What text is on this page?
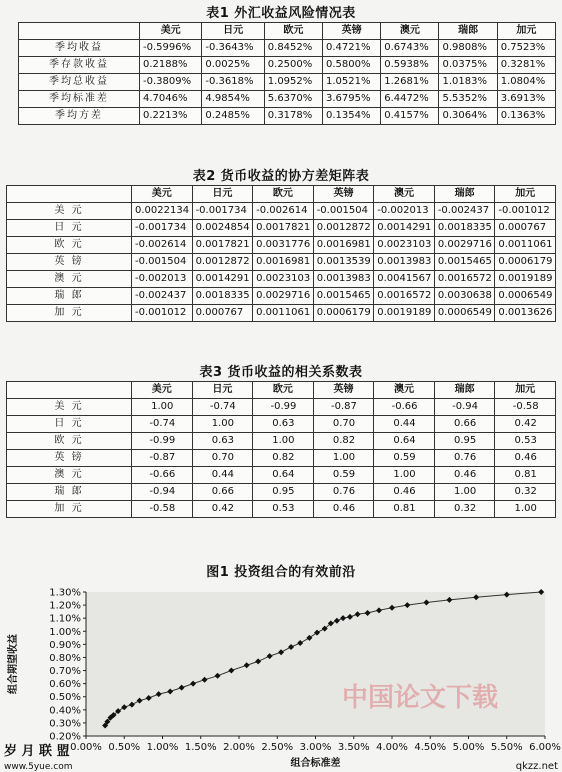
表1 外汇收益风险情况表
	美元	日元	欧元	英镑	澳元	瑞郎	加元
季均收益	-0.5996%	-0.3643%	0.8452%	0.4721%	0.6743%	0.9808%	0.7523%
季存款收益	0.2188%	0.0025%	0.2500%	0.5800%	0.5938%	0.0375%	0.3281%
季均总收益	-0.3809%	-0.3618%	1.0952%	1.0521%	1.2681%	1.0183%	1.0804%
季均标准差	4.7046%	4.9854%	5.6370%	3.6795%	6.4472%	5.5352%	3.6913%
季均方差	0.2213%	0.2485%	0.3178%	0.1354%	0.4157%	0.3064%	0.1363%
表2 货币收益的协方差矩阵表
	美元	日元	欧元	英镑	澳元	瑞郎	加元
美 元	0.0022134	-0.001734	-0.002614	-0.001504	-0.002013	-0.002437	-0.001012
日 元	-0.001734	0.0024854	0.0017821	0.0012872	0.0014291	0.0018335	0.000767
欧 元	-0.002614	0.0017821	0.0031776	0.0016981	0.0023103	0.0029716	0.0011061
英 镑	-0.001504	0.0012872	0.0016981	0.0013539	0.0013983	0.0015465	0.0006179
澳 元	-0.002013	0.0014291	0.0023103	0.0013983	0.0041567	0.0016572	0.0019189
瑞 郎	-0.002437	0.0018335	0.0029716	0.0015465	0.0016572	0.0030638	0.0006549
加 元	-0.001012	0.000767	0.0011061	0.0006179	0.0019189	0.0006549	0.0013626
表3 货币收益的相关系数表
	美元	日元	欧元	英镑	澳元	瑞郎	加元
美 元	1.00	-0.74	-0.99	-0.87	-0.66	-0.94	-0.58
日 元	-0.74	1.00	0.63	0.70	0.44	0.66	0.42
欧 元	-0.99	0.63	1.00	0.82	0.64	0.95	0.53
英 镑	-0.87	0.70	0.82	1.00	0.59	0.76	0.46
澳 元	-0.66	0.44	0.64	0.59	1.00	0.46	0.81
瑞 郎	-0.94	0.66	0.95	0.76	0.46	1.00	0.32
加 元	-0.58	0.42	0.53	0.46	0.81	0.32	1.00
图1 投资组合的有效前沿
0.20%
0.30%
0.40%
0.50%
0.60%
0.70%
0.80%
0.90%
1.00%
1.10%
1.20%
1.30%
0.00% 0.50% 1.00% 1.50% 2.00% 2.50% 3.00% 3.50% 4.00% 4.50% 5.00% 5.50% 6.00%
组合标准差
组合期望收益
中国论文下载
岁 月 联 盟
www.5yue.com	qkzz.net
